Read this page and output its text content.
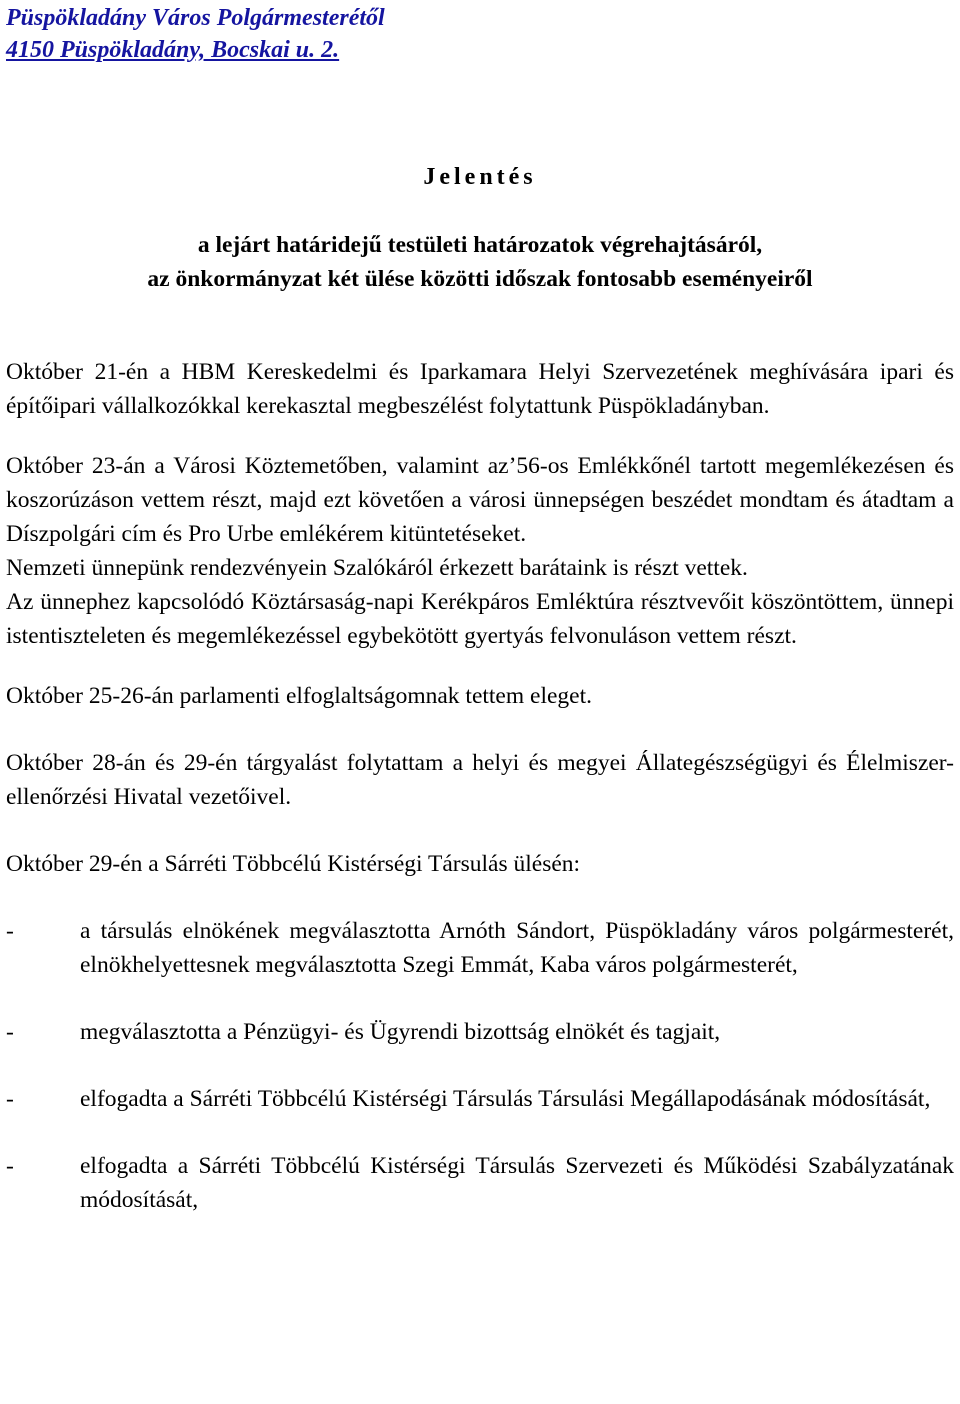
Püspökladány Város Polgármesterétől
4150 Püspökladány, Bocskai u. 2.
Jelentés
a lejárt határidejű testületi határozatok végrehajtásáról,
az önkormányzat két ülése közötti időszak fontosabb eseményeiről

Október 21-én a HBM Kereskedelmi és Iparkamara Helyi Szervezetének meghívására ipari és építőipari vállalkozókkal kerekasztal megbeszélést folytattunk Püspökladányban.

Október 23-án a Városi Köztemetőben, valamint az’56-os Emlékkőnél tartott megemlékezésen és koszorúzáson vettem részt, majd ezt követően a városi ünnepségen beszédet mondtam és átadtam a Díszpolgári cím és Pro Urbe emlékérem kitüntetéseket.

Nemzeti ünnepünk rendezvényein Szalókáról érkezett barátaink is részt vettek.

Az ünnephez kapcsolódó Köztársaság-napi Kerékpáros Emléktúra résztvevőit köszöntöttem, ünnepi istentiszteleten és megemlékezéssel egybekötött gyertyás felvonuláson vettem részt.

Október 25-26-án parlamenti elfoglaltságomnak tettem eleget.

Október 28-án és 29-én tárgyalást folytattam a helyi és megyei Állategészségügyi és Élelmiszer-ellenőrzési Hivatal vezetőivel.

Október 29-én a Sárréti Többcélú Kistérségi Társulás ülésén:

-	a társulás elnökének megválasztotta Arnóth Sándort, Püspökladány város polgármesterét, elnökhelyettesnek megválasztotta Szegi Emmát, Kaba város polgármesterét,
-	megválasztotta a Pénzügyi- és Ügyrendi bizottság elnökét és tagjait,
-	elfogadta a Sárréti Többcélú Kistérségi Társulás Társulási Megállapodásának módosítását,
-	elfogadta a Sárréti Többcélú Kistérségi Társulás Szervezeti és Működési Szabályzatának módosítását,
